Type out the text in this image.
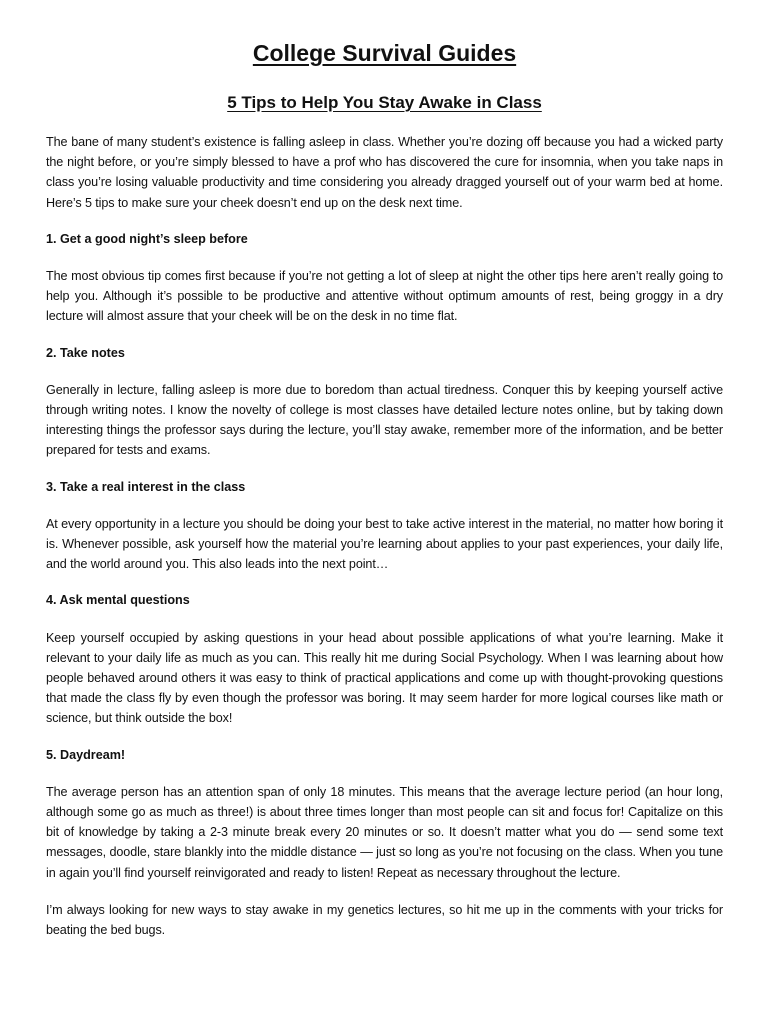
College Survival Guides
5 Tips to Help You Stay Awake in Class

The bane of many student’s existence is falling asleep in class. Whether you’re dozing off because you had a wicked party the night before, or you’re simply blessed to have a prof who has discovered the cure for insomnia, when you take naps in class you’re losing valuable productivity and time considering you already dragged yourself out of your warm bed at home. Here’s 5 tips to make sure your cheek doesn’t end up on the desk next time.

1. Get a good night’s sleep before

The most obvious tip comes first because if you’re not getting a lot of sleep at night the other tips here aren’t really going to help you. Although it’s possible to be productive and attentive without optimum amounts of rest, being groggy in a dry lecture will almost assure that your cheek will be on the desk in no time flat.

2. Take notes

Generally in lecture, falling asleep is more due to boredom than actual tiredness. Conquer this by keeping yourself active through writing notes. I know the novelty of college is most classes have detailed lecture notes online, but by taking down interesting things the professor says during the lecture, you’ll stay awake, remember more of the information, and be better prepared for tests and exams.

3. Take a real interest in the class

At every opportunity in a lecture you should be doing your best to take active interest in the material, no matter how boring it is. Whenever possible, ask yourself how the material you’re learning about applies to your past experiences, your daily life, and the world around you. This also leads into the next point…

4. Ask mental questions

Keep yourself occupied by asking questions in your head about possible applications of what you’re learning. Make it relevant to your daily life as much as you can. This really hit me during Social Psychology. When I was learning about how people behaved around others it was easy to think of practical applications and come up with thought-provoking questions that made the class fly by even though the professor was boring. It may seem harder for more logical courses like math or science, but think outside the box!

5. Daydream!

The average person has an attention span of only 18 minutes. This means that the average lecture period (an hour long, although some go as much as three!) is about three times longer than most people can sit and focus for! Capitalize on this bit of knowledge by taking a 2-3 minute break every 20 minutes or so. It doesn’t matter what you do — send some text messages, doodle, stare blankly into the middle distance — just so long as you’re not focusing on the class. When you tune in again you’ll find yourself reinvigorated and ready to listen! Repeat as necessary throughout the lecture.

I’m always looking for new ways to stay awake in my genetics lectures, so hit me up in the comments with your tricks for beating the bed bugs.
